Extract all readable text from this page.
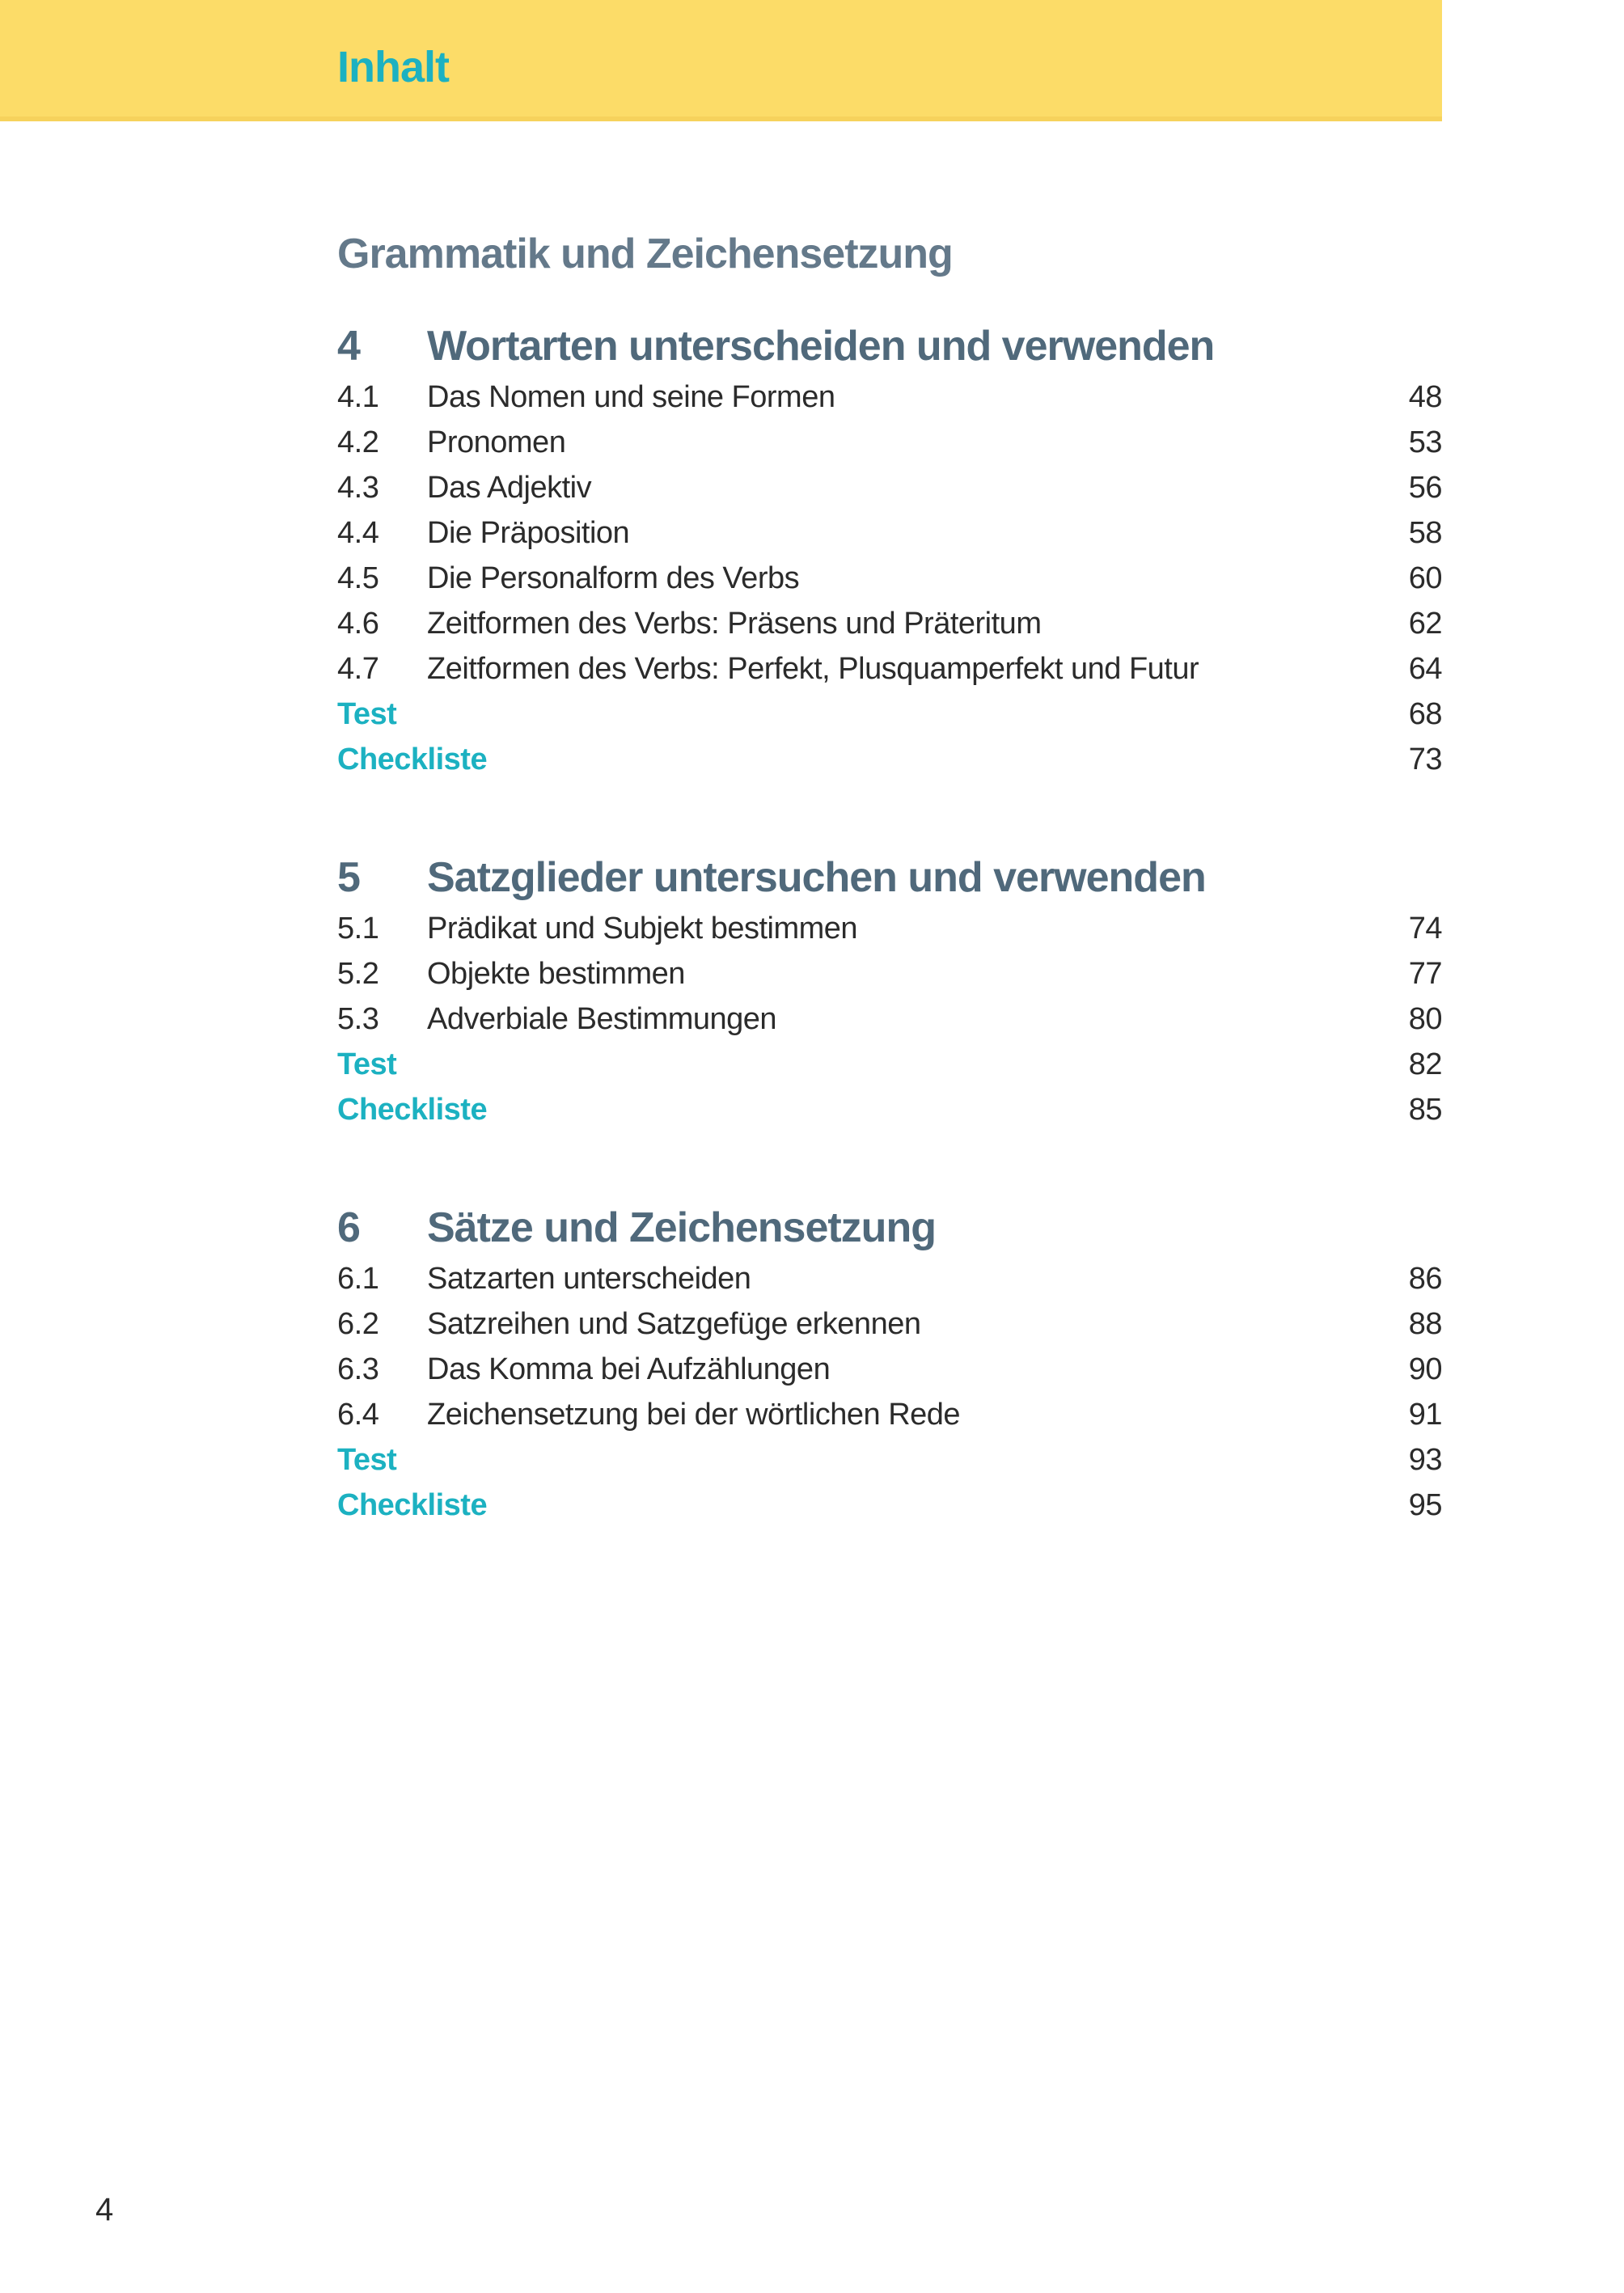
Inhalt
Grammatik und Zeichensetzung
4	Wortarten unterscheiden und verwenden
4.1	Das Nomen und seine Formen	48
4.2	Pronomen	53
4.3	Das Adjektiv	56
4.4	Die Präposition	58
4.5	Die Personalform des Verbs	60
4.6	Zeitformen des Verbs: Präsens und Präteritum	62
4.7	Zeitformen des Verbs: Perfekt, Plusquamperfekt und Futur	64
Test	68
Checkliste	73
5	Satzglieder untersuchen und verwenden
5.1	Prädikat und Subjekt bestimmen	74
5.2	Objekte bestimmen	77
5.3	Adverbiale Bestimmungen	80
Test	82
Checkliste	85
6	Sätze und Zeichensetzung
6.1	Satzarten unterscheiden	86
6.2	Satzreihen und Satzgefüge erkennen	88
6.3	Das Komma bei Aufzählungen	90
6.4	Zeichensetzung bei der wörtlichen Rede	91
Test	93
Checkliste	95
4
